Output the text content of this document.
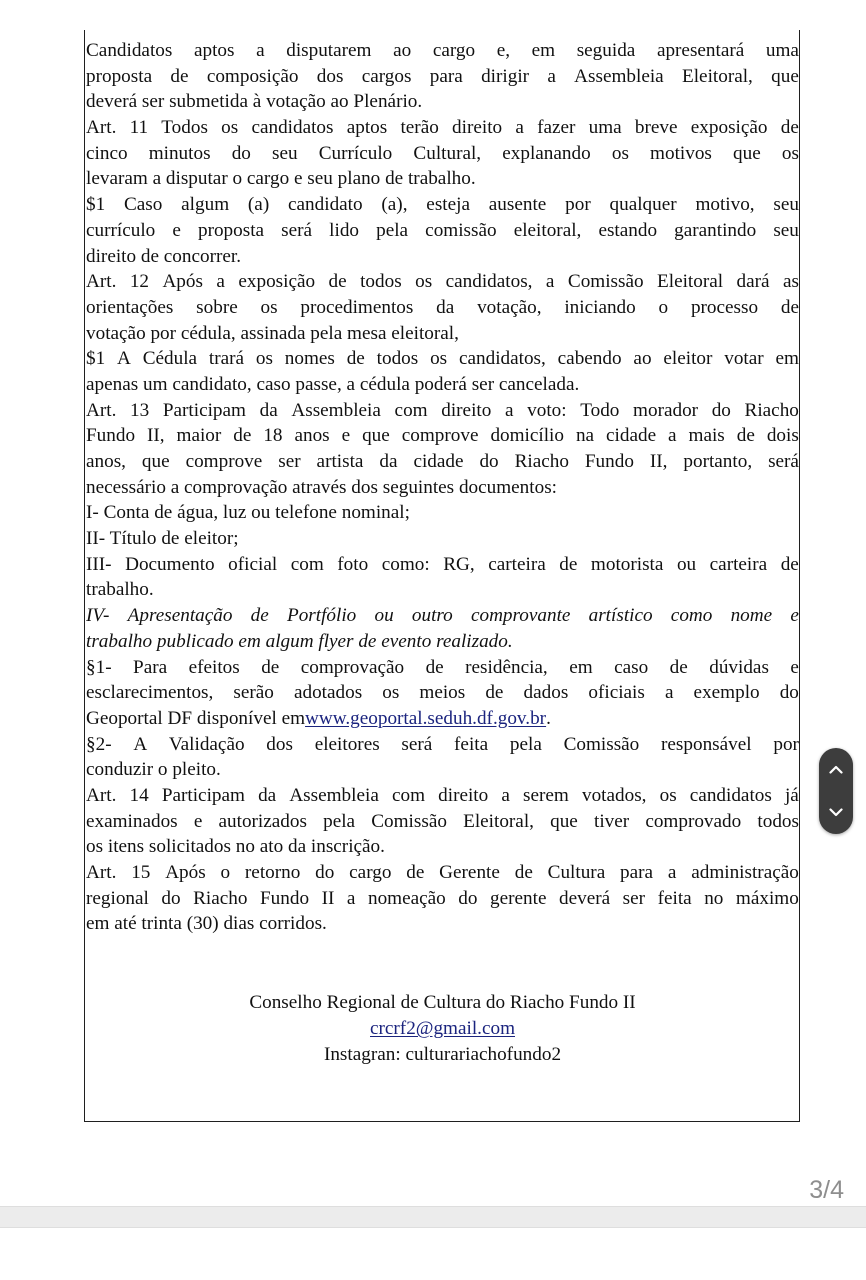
Candidatos aptos a disputarem ao cargo e, em seguida apresentará uma
proposta de composição dos cargos para dirigir a Assembleia Eleitoral, que
deverá ser submetida à votação ao Plenário.
Art. 11 Todos os candidatos aptos terão direito a fazer uma breve exposição de
cinco minutos do seu Currículo Cultural, explanando os motivos que os
levaram a disputar o cargo e seu plano de trabalho.
$1 Caso algum (a) candidato (a), esteja ausente por qualquer motivo, seu
currículo e proposta será lido pela comissão eleitoral, estando garantindo seu
direito de concorrer.
Art. 12 Após a exposição de todos os candidatos, a Comissão Eleitoral dará as
orientações sobre os procedimentos da votação, iniciando o processo de
votação por cédula, assinada pela mesa eleitoral,
$1 A Cédula trará os nomes de todos os candidatos, cabendo ao eleitor votar em
apenas um candidato, caso passe, a cédula poderá ser cancelada.
Art. 13 Participam da Assembleia com direito a voto: Todo morador do Riacho
Fundo II, maior de 18 anos e que comprove domicílio na cidade a mais de dois
anos, que comprove ser artista da cidade do Riacho Fundo II, portanto, será
necessário a comprovação através dos seguintes documentos:
I- Conta de água, luz ou telefone nominal;
II- Título de eleitor;
III- Documento oficial com foto como: RG, carteira de motorista ou carteira de
trabalho.
IV- Apresentação de Portfólio ou outro comprovante artístico como nome e
trabalho publicado em algum flyer de evento realizado.
§1- Para efeitos de comprovação de residência, em caso de dúvidas e
esclarecimentos, serão adotados os meios de dados oficiais a exemplo do
Geoportal DF disponível em www.geoportal.seduh.df.gov.br .
§2- A Validação dos eleitores será feita pela Comissão responsável por
conduzir o pleito.
Art. 14 Participam da Assembleia com direito a serem votados, os candidatos já
examinados e autorizados pela Comissão Eleitoral, que tiver comprovado todos
os itens solicitados no ato da inscrição.
Art. 15 Após o retorno do cargo de Gerente de Cultura para a administração
regional do Riacho Fundo II a nomeação do gerente deverá ser feita no máximo
em até trinta (30) dias corridos.
Conselho Regional de Cultura do Riacho Fundo II
crcrf2@gmail.com
Instagran: culturariachofundo2
3/4
